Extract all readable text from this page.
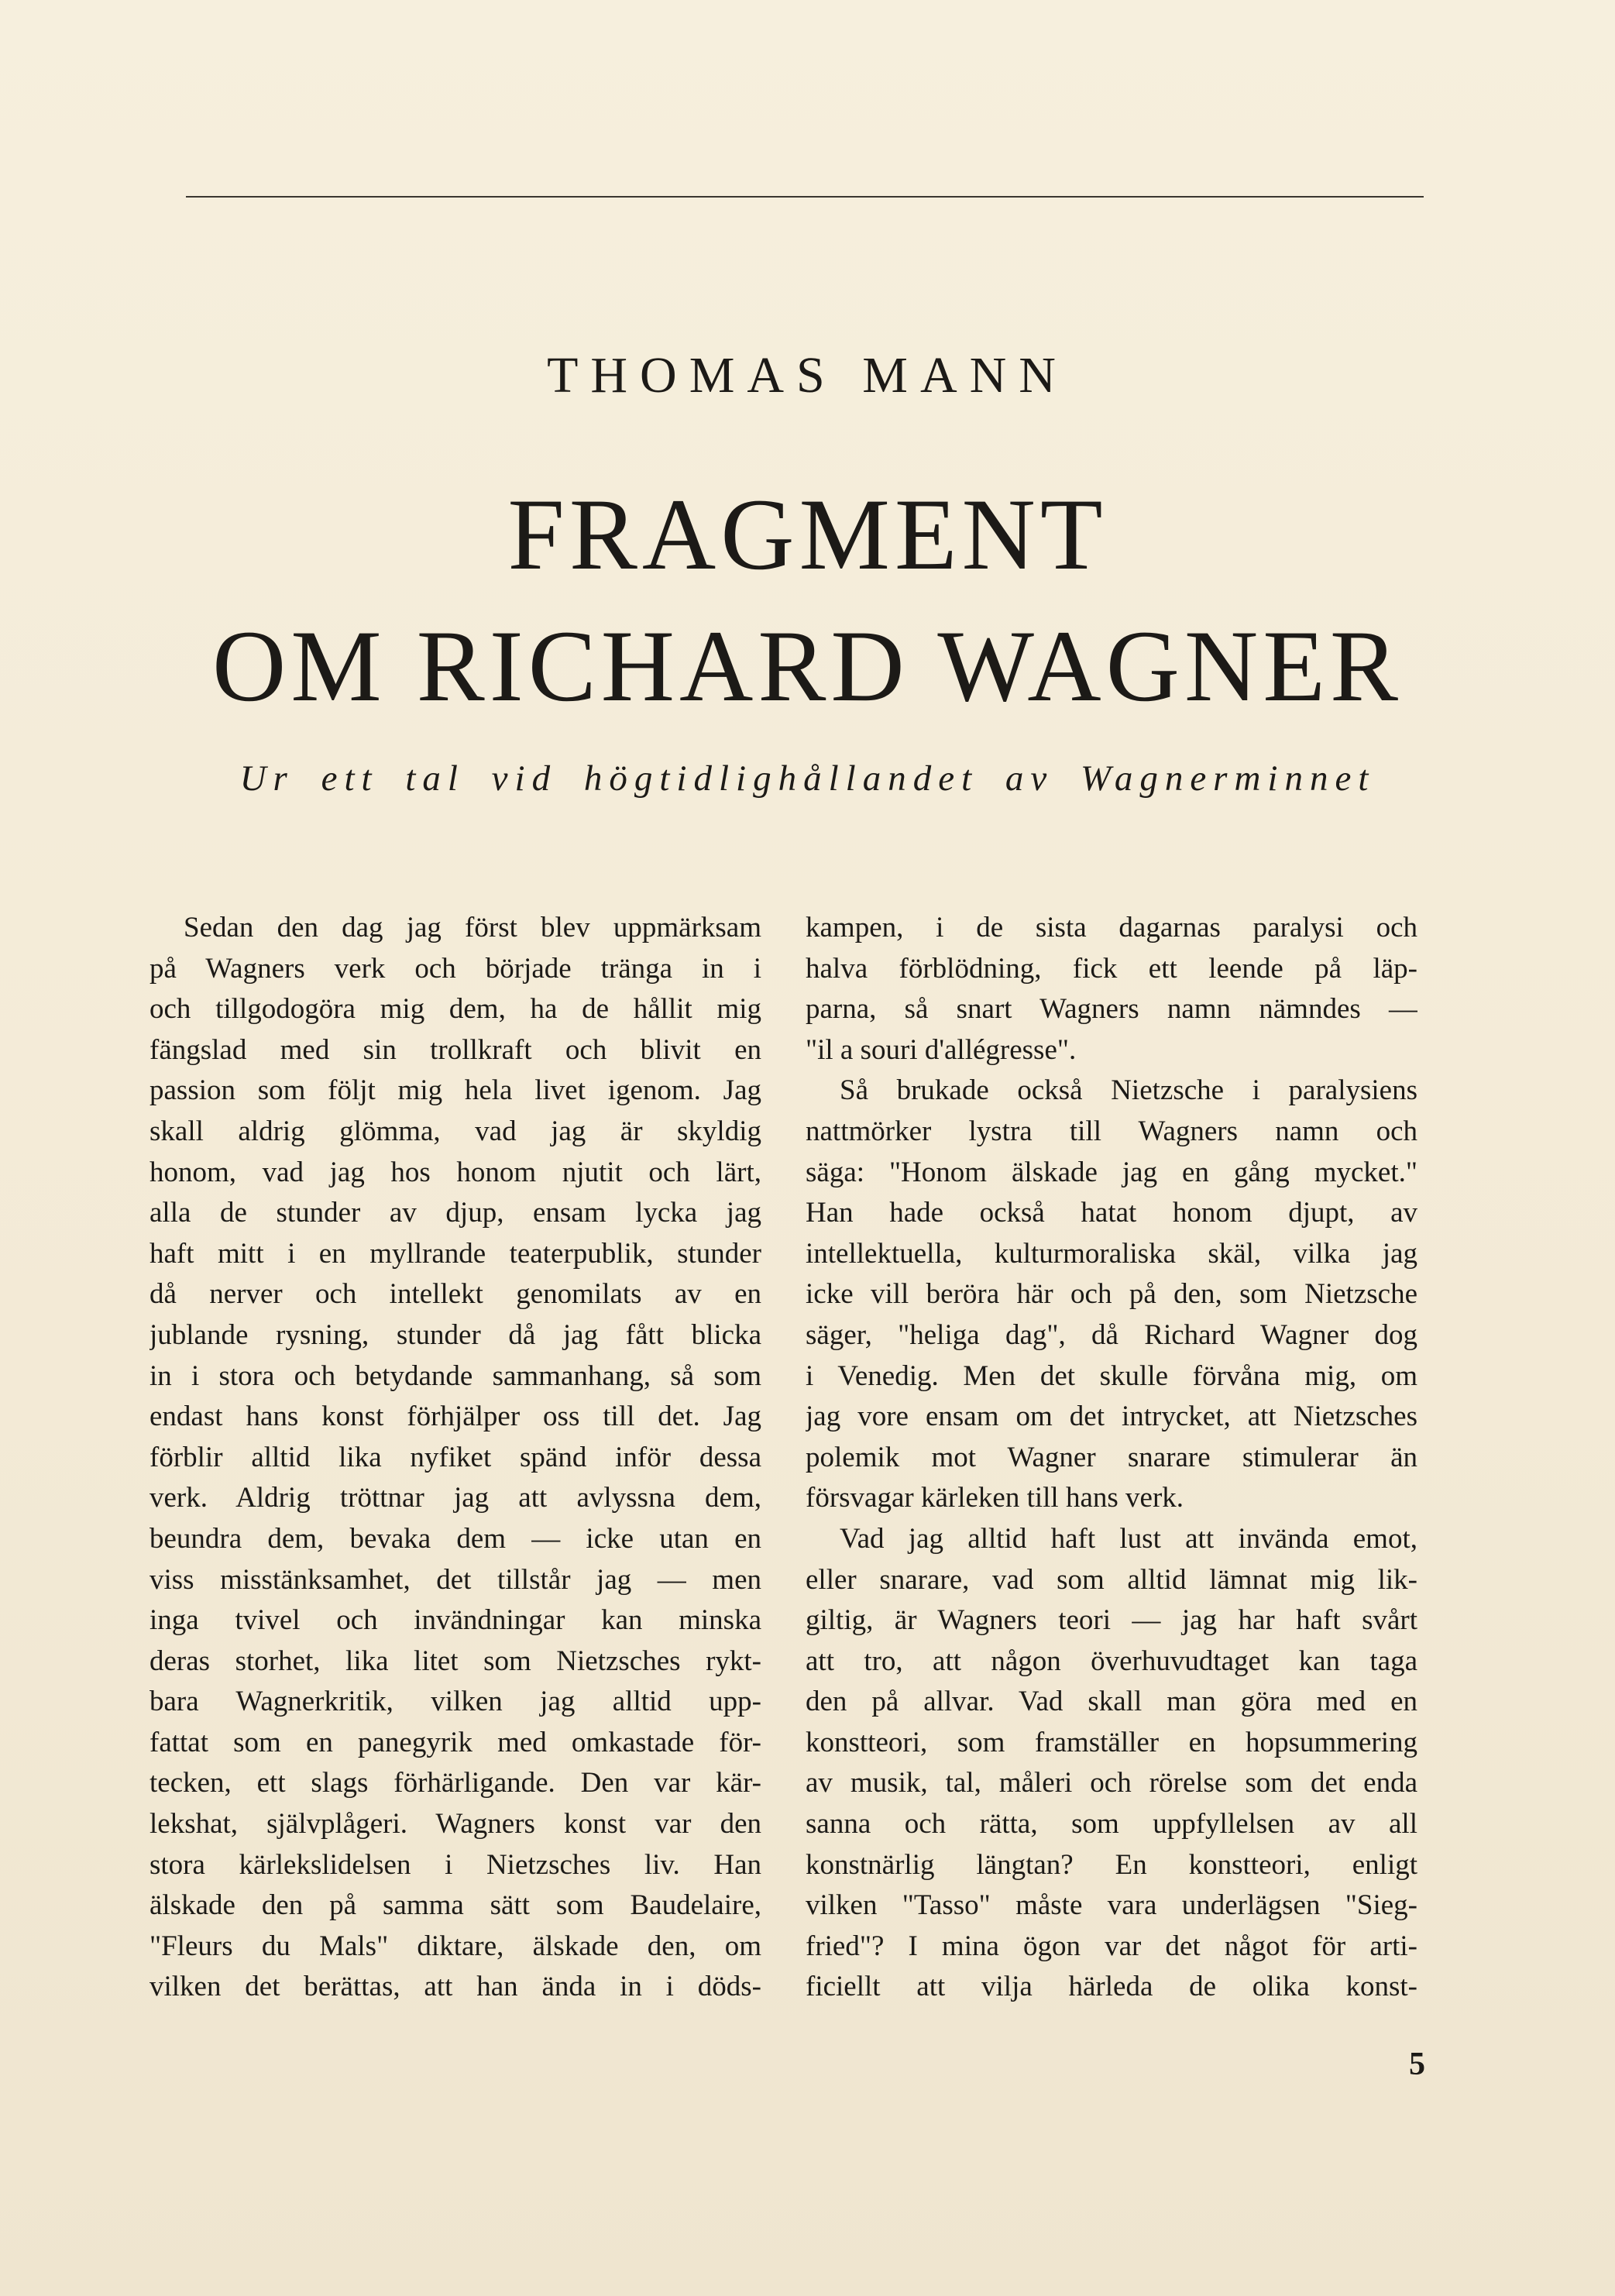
THOMAS MANN
FRAGMENT
OM RICHARD WAGNER
Ur ett tal vid högtidlighållandet av Wagnerminnet

Sedan den dag jag först blev uppmärksam

på Wagners verk och började tränga in i

och tillgodogöra mig dem, ha de hållit mig

fängslad med sin trollkraft och blivit en

passion som följt mig hela livet igenom. Jag

skall aldrig glömma, vad jag är skyldig

honom, vad jag hos honom njutit och lärt,

alla de stunder av djup, ensam lycka jag

haft mitt i en myllrande teaterpublik, stunder

då nerver och intellekt genomilats av en

jublande rysning, stunder då jag fått blicka

in i stora och betydande sammanhang, så som

endast hans konst förhjälper oss till det. Jag

förblir alltid lika nyfiket spänd inför dessa

verk. Aldrig tröttnar jag att avlyssna dem,

beundra dem, bevaka dem — icke utan en

viss misstänksamhet, det tillstår jag — men

inga tvivel och invändningar kan minska

deras storhet, lika litet som Nietzsches rykt-

bara Wagnerkritik, vilken jag alltid upp-

fattat som en panegyrik med omkastade för-

tecken, ett slags förhärligande. Den var kär-

lekshat, självplågeri. Wagners konst var den

stora kärlekslidelsen i Nietzsches liv. Han

älskade den på samma sätt som Baudelaire,

"Fleurs du Mals" diktare, älskade den, om

vilken det berättas, att han ända in i döds-

kampen, i de sista dagarnas paralysi och

halva förblödning, fick ett leende på läp-

parna, så snart Wagners namn nämndes —

"il a souri d'allégresse".

Så brukade också Nietzsche i paralysiens

nattmörker lystra till Wagners namn och

säga: "Honom älskade jag en gång mycket."

Han hade också hatat honom djupt, av

intellektuella, kulturmoraliska skäl, vilka jag

icke vill beröra här och på den, som Nietzsche

säger, "heliga dag", då Richard Wagner dog

i Venedig. Men det skulle förvåna mig, om

jag vore ensam om det intrycket, att Nietzsches

polemik mot Wagner snarare stimulerar än

försvagar kärleken till hans verk.

Vad jag alltid haft lust att invända emot,

eller snarare, vad som alltid lämnat mig lik-

giltig, är Wagners teori — jag har haft svårt

att tro, att någon överhuvudtaget kan taga

den på allvar. Vad skall man göra med en

konstteori, som framställer en hopsummering

av musik, tal, måleri och rörelse som det enda

sanna och rätta, som uppfyllelsen av all

konstnärlig längtan? En konstteori, enligt

vilken "Tasso" måste vara underlägsen "Sieg-

fried"? I mina ögon var det något för arti-

ficiellt att vilja härleda de olika konst-

5
